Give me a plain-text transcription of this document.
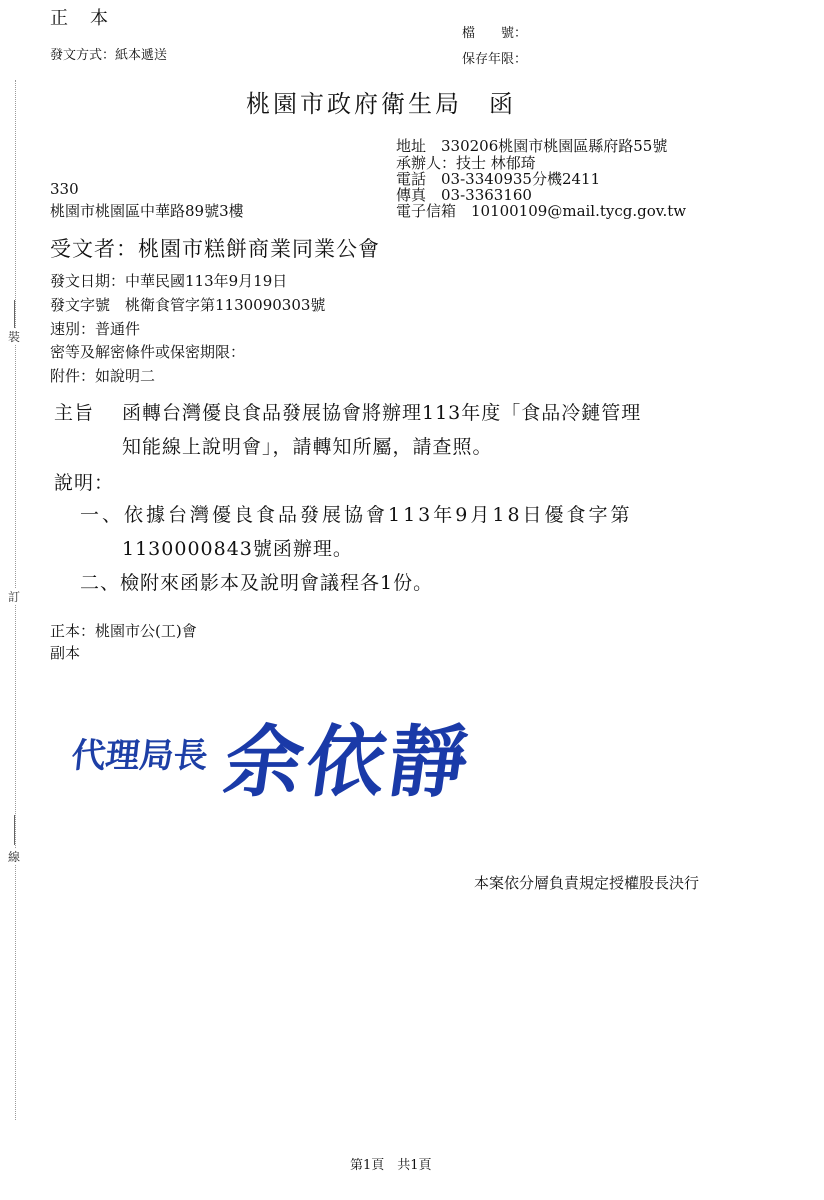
裝
訂
線
正　本
發文方式：紙本遞送
檔　　號：
保存年限：
桃園市政府衛生局　函
地址　330206桃園市桃園區縣府路55號
承辦人：技士 林郁琦
電話　03-3340935分機2411
傳真　03-3363160
電子信箱　10100109@mail.tycg.gov.tw
330
桃園市桃園區中華路89號3樓
受文者：桃園市糕餅商業同業公會
發文日期：中華民國113年9月19日
發文字號　桃衛食管字第1130090303號
速別：普通件
密等及解密條件或保密期限：
附件：如說明二
主旨 函轉台灣優良食品發展協會將辦理113年度「食品冷鏈管理
知能線上說明會」，請轉知所屬，請查照。
說明：
一、依據台灣優良食品發展協會113年9月18日優食字第
1130000843號函辦理。
二、檢附來函影本及說明會議程各1份。
正本：桃園市公(工)會
副本
代理局長 余依靜
本案依分層負責規定授權股長決行
第1頁　共1頁
